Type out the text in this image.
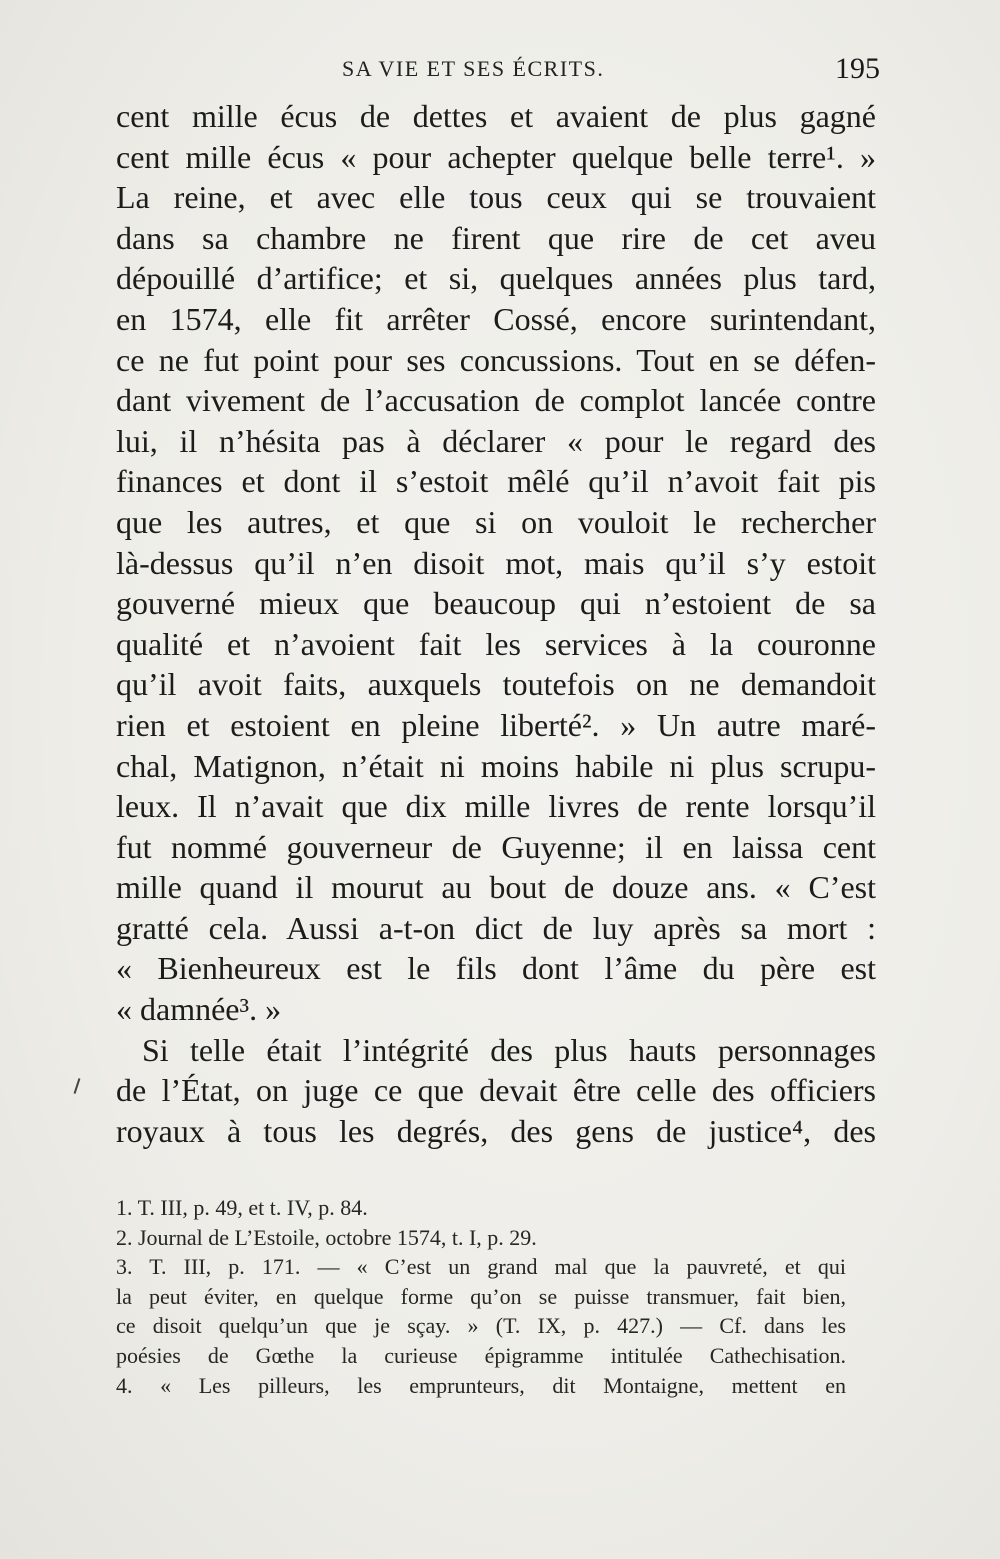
SA VIE ET SES ÉCRITS.	195
cent mille écus de dettes et avaient de plus gagné
cent mille écus « pour achepter quelque belle terre¹. »
La reine, et avec elle tous ceux qui se trouvaient
dans sa chambre ne firent que rire de cet aveu
dépouillé d’artifice; et si, quelques années plus tard,
en 1574, elle fit arrêter Cossé, encore surintendant,
ce ne fut point pour ses concussions. Tout en se défen-
dant vivement de l’accusation de complot lancée contre
lui, il n’hésita pas à déclarer « pour le regard des
finances et dont il s’estoit mêlé qu’il n’avoit fait pis
que les autres, et que si on vouloit le rechercher
là-dessus qu’il n’en disoit mot, mais qu’il s’y estoit
gouverné mieux que beaucoup qui n’estoient de sa
qualité et n’avoient fait les services à la couronne
qu’il avoit faits, auxquels toutefois on ne demandoit
rien et estoient en pleine liberté². » Un autre maré-
chal, Matignon, n’était ni moins habile ni plus scrupu-
leux. Il n’avait que dix mille livres de rente lorsqu’il
fut nommé gouverneur de Guyenne; il en laissa cent
mille quand il mourut au bout de douze ans. « C’est
gratté cela. Aussi a-t-on dict de luy après sa mort :
« Bienheureux est le fils dont l’âme du père est
« damnée³. »
Si telle était l’intégrité des plus hauts personnages
de l’État, on juge ce que devait être celle des officiers
royaux à tous les degrés, des gens de justice⁴, des
1. T. III, p. 49, et t. IV, p. 84.
2. Journal de L’Estoile, octobre 1574, t. I, p. 29.
3. T. III, p. 171. — « C’est un grand mal que la pauvreté, et qui
la peut éviter, en quelque forme qu’on se puisse transmuer, fait bien,
ce disoit quelqu’un que je sçay. » (T. IX, p. 427.) — Cf. dans les
poésies de Gœthe la curieuse épigramme intitulée Cathechisation.
4. « Les pilleurs, les emprunteurs, dit Montaigne, mettent en
